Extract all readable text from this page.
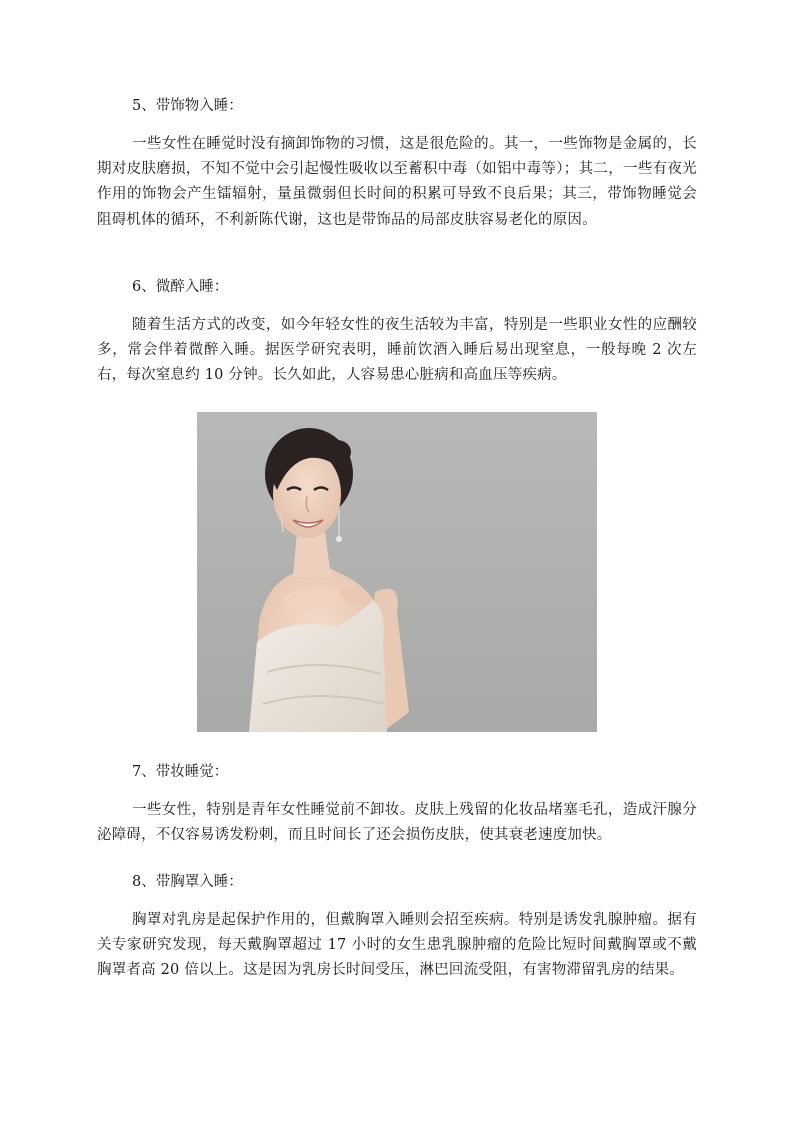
5、带饰物入睡：

一些女性在睡觉时没有摘卸饰物的习惯，这是很危险的。其一，一些饰物是金属的，长期对皮肤磨损，不知不觉中会引起慢性吸收以至蓄积中毒（如铝中毒等）；其二，一些有夜光作用的饰物会产生镭辐射，量虽微弱但长时间的积累可导致不良后果；其三，带饰物睡觉会阻碍机体的循环，不利新陈代谢，这也是带饰品的局部皮肤容易老化的原因。

6、微醉入睡：

随着生活方式的改变，如今年轻女性的夜生活较为丰富，特别是一些职业女性的应酬较多，常会伴着微醉入睡。据医学研究表明，睡前饮酒入睡后易出现窒息，一般每晚 2 次左右，每次窒息约 10 分钟。长久如此，人容易患心脏病和高血压等疾病。

7、带妆睡觉：

一些女性，特别是青年女性睡觉前不卸妆。皮肤上残留的化妆品堵塞毛孔，造成汗腺分泌障碍，不仅容易诱发粉刺，而且时间长了还会损伤皮肤，使其衰老速度加快。

8、带胸罩入睡：

胸罩对乳房是起保护作用的，但戴胸罩入睡则会招至疾病。特别是诱发乳腺肿瘤。据有关专家研究发现，每天戴胸罩超过 17 小时的女生患乳腺肿瘤的危险比短时间戴胸罩或不戴胸罩者高 20 倍以上。这是因为乳房长时间受压，淋巴回流受阻，有害物滞留乳房的结果。
